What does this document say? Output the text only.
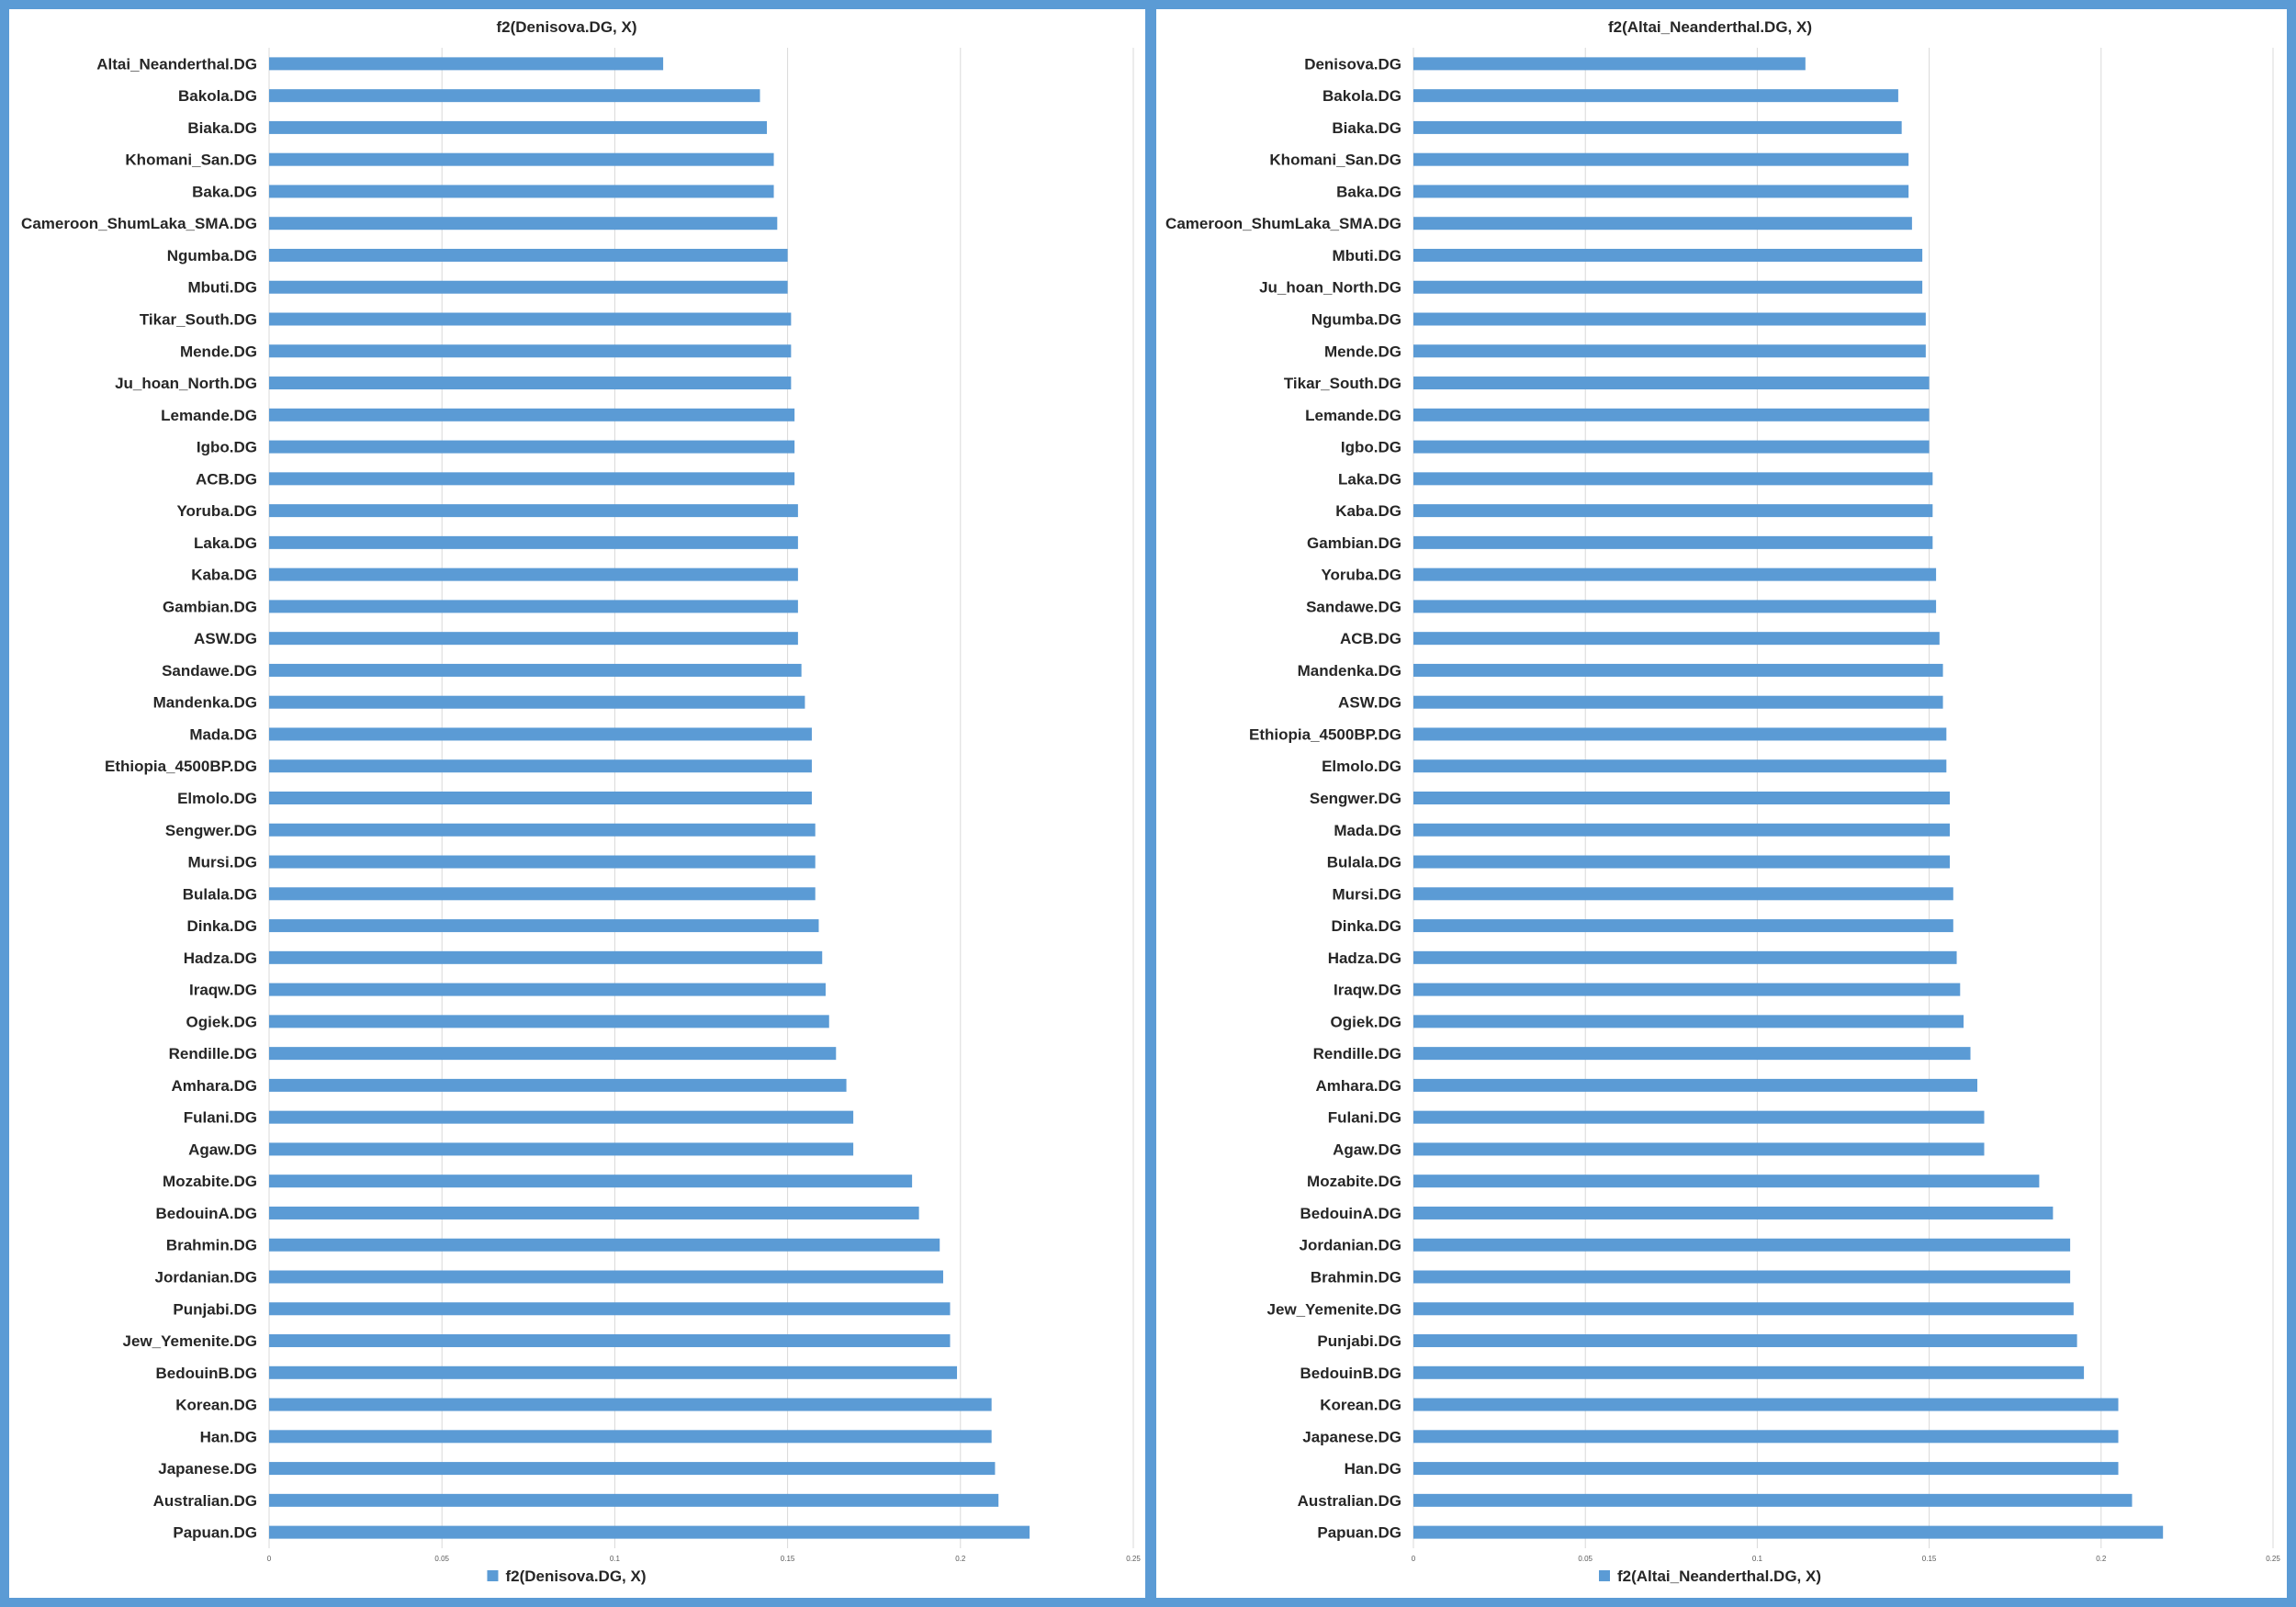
f2(Denisova.DG, X)
0	0.05	0.1	0.15	0.2	0.25
Altai_Neanderthal.DG
Bakola.DG
Biaka.DG
Khomani_San.DG
Baka.DG
Cameroon_ShumLaka_SMA.DG
Ngumba.DG
Mbuti.DG
Tikar_South.DG
Mende.DG
Ju_hoan_North.DG
Lemande.DG
Igbo.DG
ACB.DG
Yoruba.DG
Laka.DG
Kaba.DG
Gambian.DG
ASW.DG
Sandawe.DG
Mandenka.DG
Mada.DG
Ethiopia_4500BP.DG
Elmolo.DG
Sengwer.DG
Mursi.DG
Bulala.DG
Dinka.DG
Hadza.DG
Iraqw.DG
Ogiek.DG
Rendille.DG
Amhara.DG
Fulani.DG
Agaw.DG
Mozabite.DG
BedouinA.DG
Brahmin.DG
Jordanian.DG
Punjabi.DG
Jew_Yemenite.DG
BedouinB.DG
Korean.DG
Han.DG
Japanese.DG
Australian.DG
Papuan.DG
f2(Denisova.DG, X)
f2(Altai_Neanderthal.DG, X)
0	0.05	0.1	0.15	0.2	0.25
Denisova.DG
Bakola.DG
Biaka.DG
Khomani_San.DG
Baka.DG
Cameroon_ShumLaka_SMA.DG
Mbuti.DG
Ju_hoan_North.DG
Ngumba.DG
Mende.DG
Tikar_South.DG
Lemande.DG
Igbo.DG
Laka.DG
Kaba.DG
Gambian.DG
Yoruba.DG
Sandawe.DG
ACB.DG
Mandenka.DG
ASW.DG
Ethiopia_4500BP.DG
Elmolo.DG
Sengwer.DG
Mada.DG
Bulala.DG
Mursi.DG
Dinka.DG
Hadza.DG
Iraqw.DG
Ogiek.DG
Rendille.DG
Amhara.DG
Fulani.DG
Agaw.DG
Mozabite.DG
BedouinA.DG
Jordanian.DG
Brahmin.DG
Jew_Yemenite.DG
Punjabi.DG
BedouinB.DG
Korean.DG
Japanese.DG
Han.DG
Australian.DG
Papuan.DG
f2(Altai_Neanderthal.DG, X)
